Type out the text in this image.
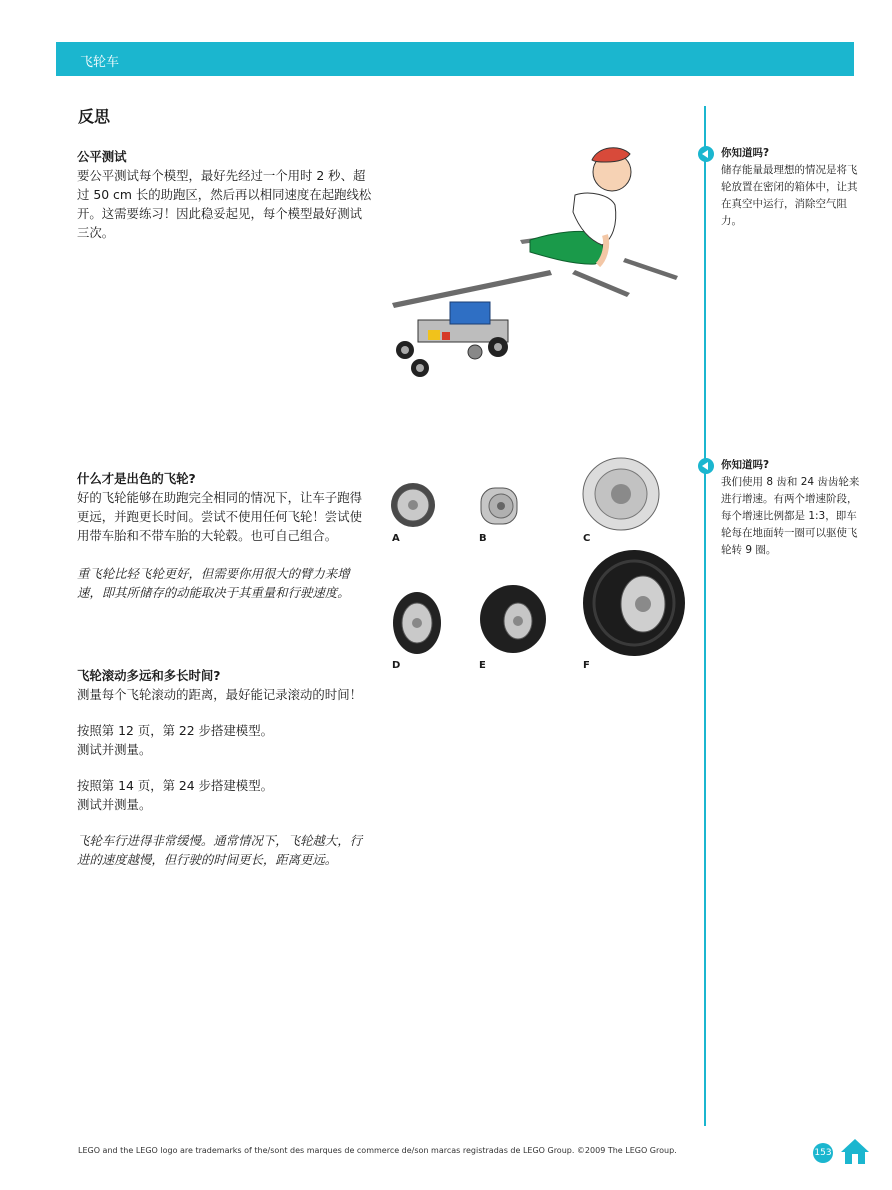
飞轮车
反思
公平测试

要公平测试每个模型，最好先经过一个用时 2 秒、超过 50 cm 长的助跑区，然后再以相同速度在起跑线松开。这需要练习！因此稳妥起见，每个模型最好测试三次。

什么才是出色的飞轮?

好的飞轮能够在助跑完全相同的情况下，让车子跑得更远，并跑更长时间。尝试不使用任何飞轮！尝试使用带车胎和不带车胎的大轮毂。也可自己组合。

重飞轮比轻飞轮更好，但需要你用很大的臂力来增速，即其所储存的动能取决于其重量和行驶速度。

飞轮滚动多远和多长时间?

测量每个飞轮滚动的距离，最好能记录滚动的时间！

按照第 12 页，第 22 步搭建模型。

测试并测量。

按照第 14 页，第 24 步搭建模型。

测试并测量。

飞轮车行进得非常缓慢。通常情况下，飞轮越大，行进的速度越慢，但行驶的时间更长，距离更远。

A	B	C
D	E	F
你知道吗?

储存能量最理想的情况是将飞轮放置在密闭的箱体中，让其在真空中运行，消除空气阻力。

你知道吗?

我们使用 8 齿和 24 齿齿轮来进行增速。有两个增速阶段，每个增速比例都是 1:3，即车轮每在地面转一圈可以驱使飞轮转 9 圈。

LEGO and the LEGO logo are trademarks of the/sont des marques de commerce de/son marcas registradas de LEGO Group. ©2009 The LEGO Group.	153
